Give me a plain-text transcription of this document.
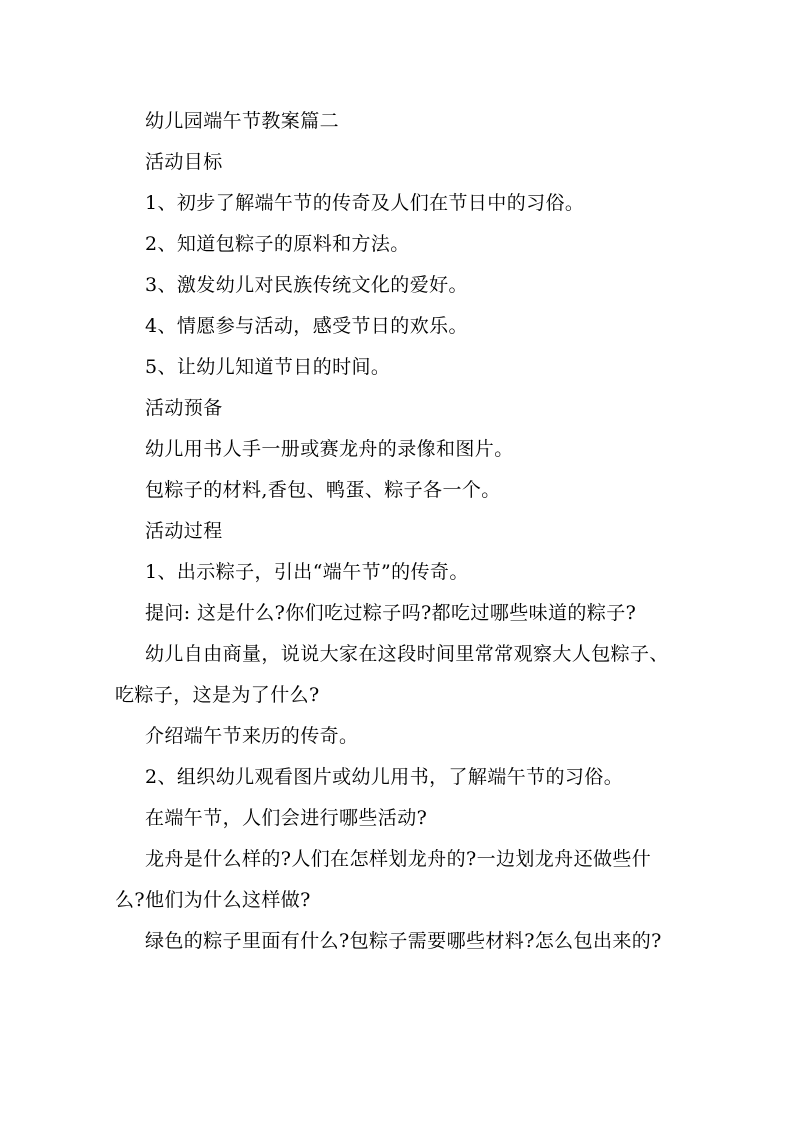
幼儿园端午节教案篇二

活动目标

1、初步了解端午节的传奇及人们在节日中的习俗。

2、知道包粽子的原料和方法。

3、激发幼儿对民族传统文化的爱好。

4、情愿参与活动，感受节日的欢乐。

5、让幼儿知道节日的时间。

活动预备

幼儿用书人手一册或赛龙舟的录像和图片。

包粽子的材料,香包、鸭蛋、粽子各一个。

活动过程

1、出示粽子，引出“端午节”的传奇。

提问: 这是什么?你们吃过粽子吗?都吃过哪些味道的粽子?

幼儿自由商量，说说大家在这段时间里常常观察大人包粽子、吃粽子，这是为了什么?

介绍端午节来历的传奇。

2、组织幼儿观看图片或幼儿用书，了解端午节的习俗。

在端午节，人们会进行哪些活动?

龙舟是什么样的?人们在怎样划龙舟的?一边划龙舟还做些什么?他们为什么这样做?

绿色的粽子里面有什么?包粽子需要哪些材料?怎么包出来的?
